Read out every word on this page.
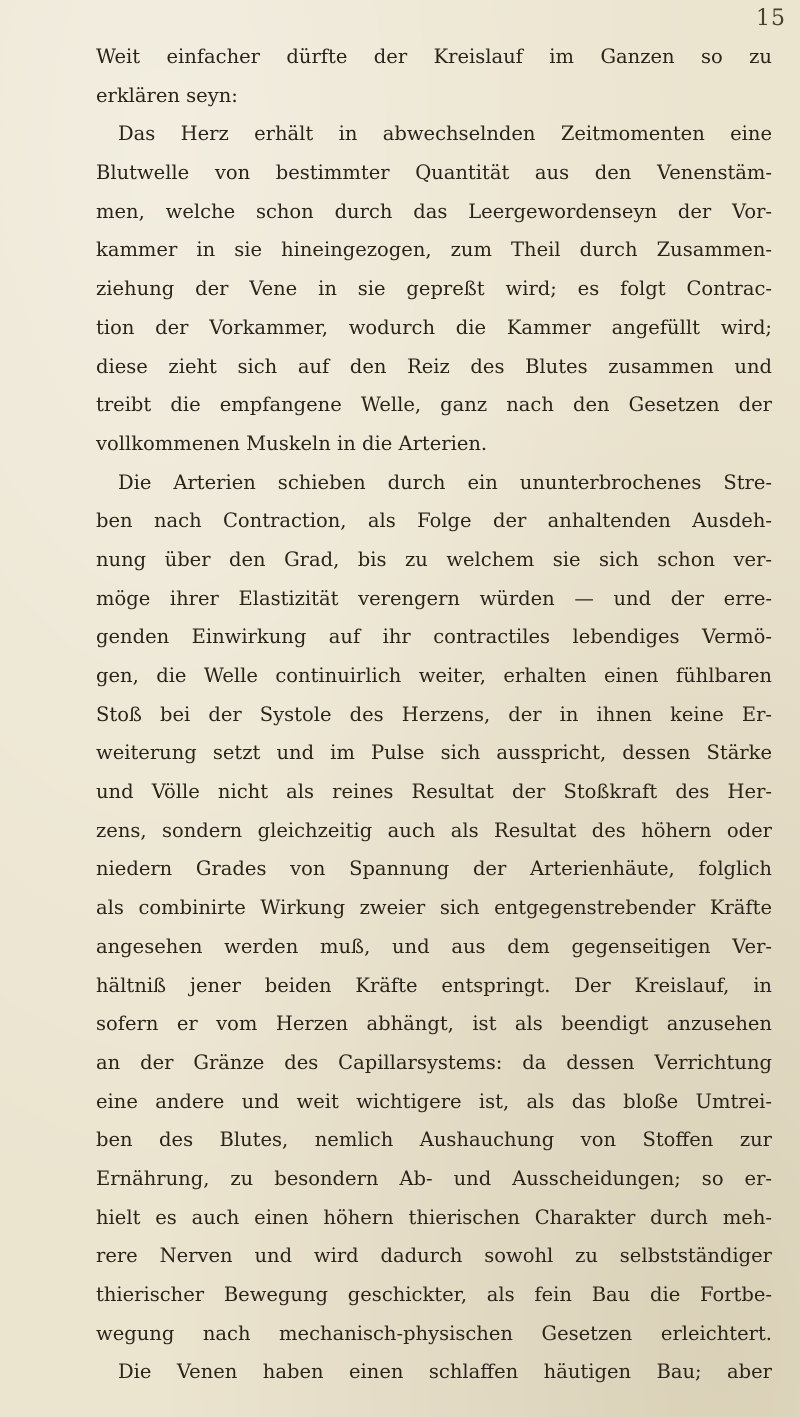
15
Weit einfacher dürfte der Kreislauf im Ganzen so zu
erklären seyn:
Das Herz erhält in abwechselnden Zeitmomenten eine
Blutwelle von bestimmter Quantität aus den Venenstäm-
men, welche schon durch das Leergewordenseyn der Vor-
kammer in sie hineingezogen, zum Theil durch Zusammen-
ziehung der Vene in sie gepreßt wird; es folgt Contrac-
tion der Vorkammer, wodurch die Kammer angefüllt wird;
diese zieht sich auf den Reiz des Blutes zusammen und
treibt die empfangene Welle, ganz nach den Gesetzen der
vollkommenen Muskeln in die Arterien.
Die Arterien schieben durch ein ununterbrochenes Stre-
ben nach Contraction, als Folge der anhaltenden Ausdeh-
nung über den Grad, bis zu welchem sie sich schon ver-
möge ihrer Elastizität verengern würden — und der erre-
genden Einwirkung auf ihr contractiles lebendiges Vermö-
gen, die Welle continuirlich weiter, erhalten einen fühlbaren
Stoß bei der Systole des Herzens, der in ihnen keine Er-
weiterung setzt und im Pulse sich ausspricht, dessen Stärke
und Völle nicht als reines Resultat der Stoßkraft des Her-
zens, sondern gleichzeitig auch als Resultat des höhern oder
niedern Grades von Spannung der Arterienhäute, folglich
als combinirte Wirkung zweier sich entgegenstrebender Kräfte
angesehen werden muß, und aus dem gegenseitigen Ver-
hältniß jener beiden Kräfte entspringt. Der Kreislauf, in
sofern er vom Herzen abhängt, ist als beendigt anzusehen
an der Gränze des Capillarsystems: da dessen Verrichtung
eine andere und weit wichtigere ist, als das bloße Umtrei-
ben des Blutes, nemlich Aushauchung von Stoffen zur
Ernährung, zu besondern Ab- und Ausscheidungen; so er-
hielt es auch einen höhern thierischen Charakter durch meh-
rere Nerven und wird dadurch sowohl zu selbstständiger
thierischer Bewegung geschickter, als fein Bau die Fortbe-
wegung nach mechanisch-physischen Gesetzen erleichtert.
Die Venen haben einen schlaffen häutigen Bau; aber
